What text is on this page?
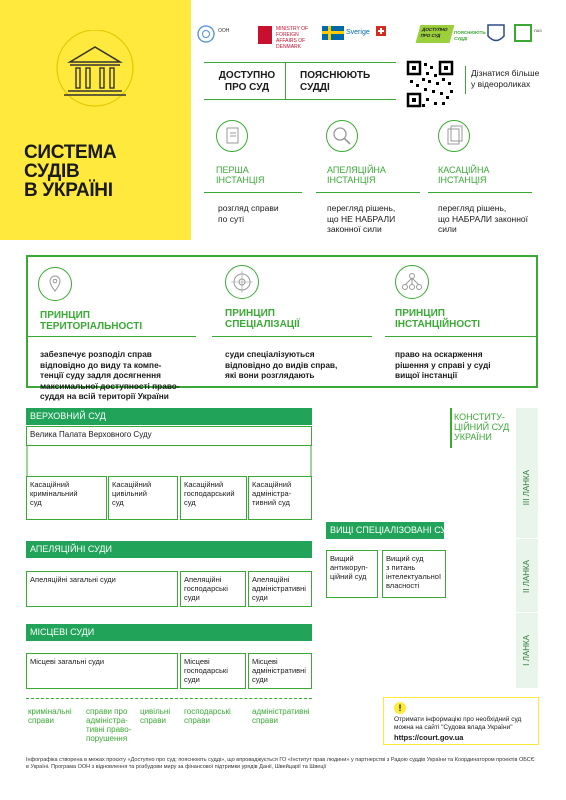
СИСТЕМА
СУДІВ
В УКРАЇНІ
ООН	MINISTRY OF FOREIGN AFFAIRS OF DENMARK
Sverige	ДОСТУПНО ПРО СУД
ПОЯСНЮЮТЬ СУДДІ
ЛАЗ
ДОСТУПНО
ПРО СУД
ПОЯСНЮЮТЬ
СУДДІ
Дізнатися більше
у відеороликах
ПЕРША
ІНСТАНЦІЯ
розгляд справи
по суті
АПЕЛЯЦІЙНА
ІНСТАНЦІЯ
перегляд рішень,
що НЕ НАБРАЛИ
законної сили
КАСАЦІЙНА
ІНСТАНЦІЯ
перегляд рішень,
що НАБРАЛИ законної
сили
ПРИНЦИП
ТЕРИТОРІАЛЬНОСТІ
забезпечує розподіл справ
відповідно до виду та компе-
тенції суду задля досягнення
максимальної доступності право-
суддя на всій території України
ПРИНЦИП
СПЕЦІАЛІЗАЦІЇ
суди спеціалізуються
відповідно до видів справ,
які вони розглядають
ПРИНЦИП
ІНСТАНЦІЙНОСТІ
право на оскарження
рішення у справі у суді
вищої інстанції
ВЕРХОВНИЙ СУД
Велика Палата Верховного Суду
Касаційний
кримінальний
суд
Касаційний
цивільний
суд
Касаційний
господарський
суд
Касаційний
адміністра-
тивний суд
КОНСТИТУ-
ЦІЙНИЙ СУД
УКРАЇНИ
III ЛАНКА
II ЛАНКА
I ЛАНКА
ВИЩІ СПЕЦІАЛІЗОВАНІ СУДИ
Вищий
антикоруп-
ційний суд
Вищий суд
з питань
інтелектуальної
власності
АПЕЛЯЦІЙНІ СУДИ
Апеляційні загальні суди	Апеляційні
господарські
суди
Апеляційні
адміністративні
суди
МІСЦЕВІ СУДИ
Місцеві загальні суди	Місцеві
господарські
суди
Місцеві
адміністративні
суди
кримінальні
справи
справи про
адміністра-
тивні право-
порушення
цивільні
справи
господарські
справи
адміністративні
справи
!
Отримати інформацію про необхідний суд
можна на сайті "Судова влада України"
https://court.gov.ua
Інфографіка створена в межах проєкту «Доступно про суд: пояснюють судді», що впроваджується ГО «Інститут прав людини» у партнерстві з Радою суддів України та Координатором проектів ОБСЄ в Україні. Програма ООН з відновлення та розбудови миру за фінансової підтримки урядів Данії, Швейцарії та Швеції
